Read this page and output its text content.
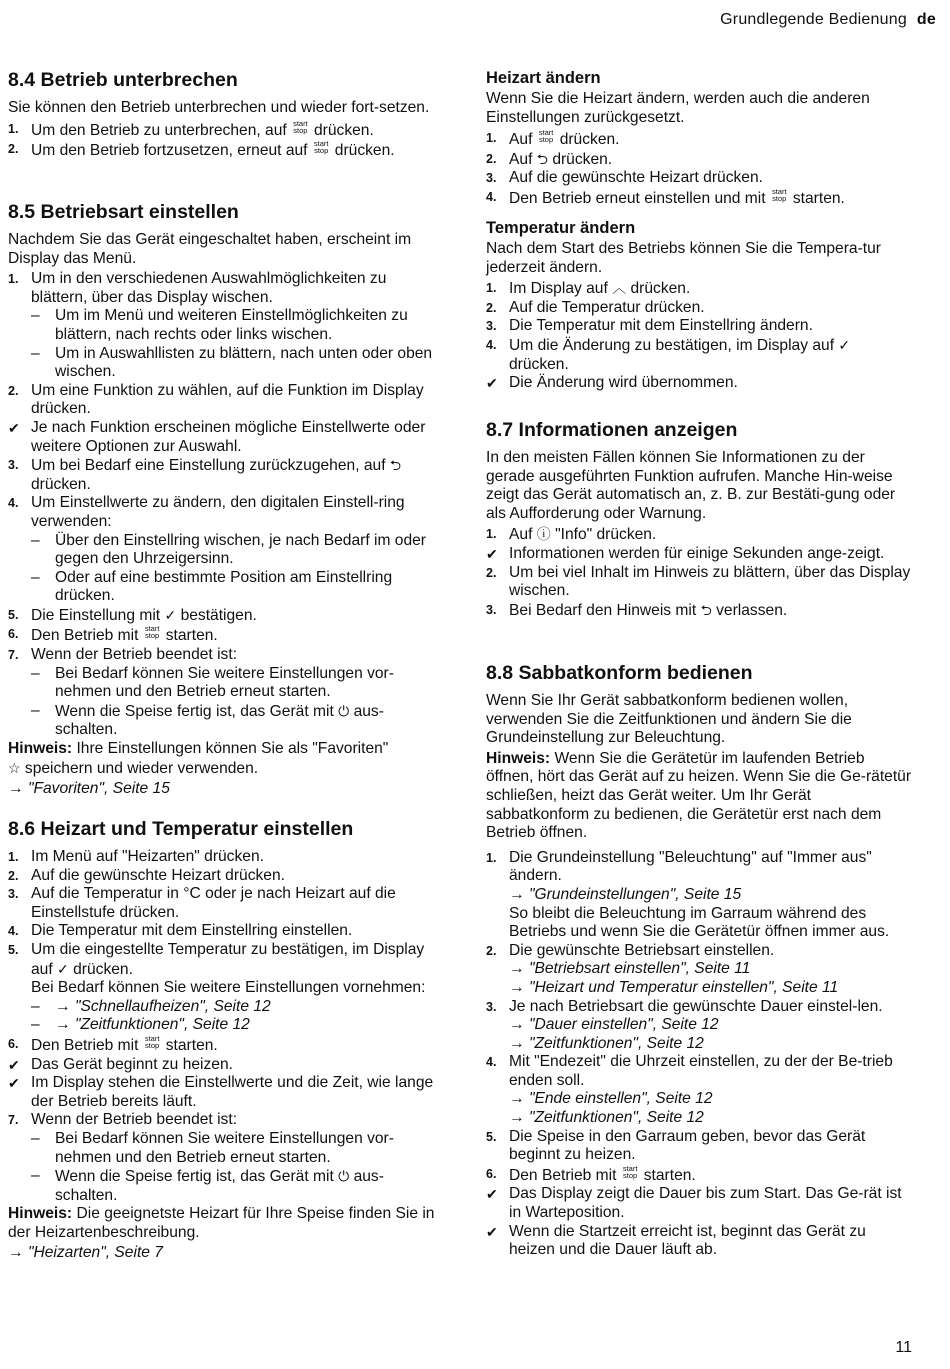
Grundlegende Bedienung de
8.4 Betrieb unterbrechen

Sie können den Betrieb unterbrechen und wieder fort-setzen.

1. Um den Betrieb zu unterbrechen, auf start
stop drücken.
2. Um den Betrieb fortzusetzen, erneut auf start
stop drücken.
8.5 Betriebsart einstellen

Nachdem Sie das Gerät eingeschaltet haben, erscheint im Display das Menü.

1. Um in den verschiedenen Auswahlmöglichkeiten zu blättern, über das Display wischen.
– Um im Menü und weiteren Einstellmöglichkeiten zu blättern, nach rechts oder links wischen.
– Um in Auswahllisten zu blättern, nach unten oder oben wischen.
2. Um eine Funktion zu wählen, auf die Funktion im Display drücken.
✔ Je nach Funktion erscheinen mögliche Einstellwerte oder weitere Optionen zur Auswahl.
3. Um bei Bedarf eine Einstellung zurückzugehen, auf ⮌ drücken.
4. Um Einstellwerte zu ändern, den digitalen Einstell-ring verwenden:
– Über den Einstellring wischen, je nach Bedarf im oder gegen den Uhrzeigersinn.
– Oder auf eine bestimmte Position am Einstellring drücken.
5. Die Einstellung mit ✓ bestätigen.
6. Den Betrieb mit start
stop starten.
7. Wenn der Betrieb beendet ist:
– Bei Bedarf können Sie weitere Einstellungen vor-nehmen und den Betrieb erneut starten.
– Wenn die Speise fertig ist, das Gerät mit ⏻ aus-schalten.

Hinweis: Ihre Einstellungen können Sie als "Favoriten"
☆ speichern und wieder verwenden.

→ "Favoriten", Seite 15

8.6 Heizart und Temperatur einstellen
1. Im Menü auf "Heizarten" drücken.
2. Auf die gewünschte Heizart drücken.
3. Auf die Temperatur in °C oder je nach Heizart auf die Einstellstufe drücken.
4. Die Temperatur mit dem Einstellring einstellen.
5. Um die eingestellte Temperatur zu bestätigen, im Display auf ✓ drücken.
Bei Bedarf können Sie weitere Einstellungen vornehmen:
– → "Schnellaufheizen", Seite 12
– → "Zeitfunktionen", Seite 12
6. Den Betrieb mit start
stop starten.
✔ Das Gerät beginnt zu heizen.
✔ Im Display stehen die Einstellwerte und die Zeit, wie lange der Betrieb bereits läuft.
7. Wenn der Betrieb beendet ist:
– Bei Bedarf können Sie weitere Einstellungen vor-nehmen und den Betrieb erneut starten.
– Wenn die Speise fertig ist, das Gerät mit ⏻ aus-schalten.

Hinweis: Die geeignetste Heizart für Ihre Speise finden Sie in der Heizartenbeschreibung.

→ "Heizarten", Seite 7

Heizart ändern

Wenn Sie die Heizart ändern, werden auch die anderen Einstellungen zurückgesetzt.

1. Auf start
stop drücken.
2. Auf ⮌ drücken.
3. Auf die gewünschte Heizart drücken.
4. Den Betrieb erneut einstellen und mit start
stop starten.
Temperatur ändern

Nach dem Start des Betriebs können Sie die Tempera-tur jederzeit ändern.

1. Im Display auf ︿ drücken.
2. Auf die Temperatur drücken.
3. Die Temperatur mit dem Einstellring ändern.
4. Um die Änderung zu bestätigen, im Display auf ✓ drücken.
✔ Die Änderung wird übernommen.
8.7 Informationen anzeigen

In den meisten Fällen können Sie Informationen zu der gerade ausgeführten Funktion aufrufen. Manche Hin-weise zeigt das Gerät automatisch an, z. B. zur Bestäti-gung oder als Aufforderung oder Warnung.

1. Auf ⓘ "Info" drücken.
✔ Informationen werden für einige Sekunden ange-zeigt.
2. Um bei viel Inhalt im Hinweis zu blättern, über das Display wischen.
3. Bei Bedarf den Hinweis mit ⮌ verlassen.
8.8 Sabbatkonform bedienen

Wenn Sie Ihr Gerät sabbatkonform bedienen wollen, verwenden Sie die Zeitfunktionen und ändern Sie die Grundeinstellung zur Beleuchtung.

Hinweis: Wenn Sie die Gerätetür im laufenden Betrieb öffnen, hört das Gerät auf zu heizen. Wenn Sie die Ge-rätetür schließen, heizt das Gerät weiter. Um Ihr Gerät sabbatkonform zu bedienen, die Gerätetür erst nach dem Betrieb öffnen.

1. Die Grundeinstellung "Beleuchtung" auf "Immer aus" ändern.
→ "Grundeinstellungen", Seite 15
So bleibt die Beleuchtung im Garraum während des Betriebs und wenn Sie die Gerätetür öffnen immer aus.
2. Die gewünschte Betriebsart einstellen.
→ "Betriebsart einstellen", Seite 11
→ "Heizart und Temperatur einstellen", Seite 11
3. Je nach Betriebsart die gewünschte Dauer einstel-len.
→ "Dauer einstellen", Seite 12
→ "Zeitfunktionen", Seite 12
4. Mit "Endezeit" die Uhrzeit einstellen, zu der der Be-trieb enden soll.
→ "Ende einstellen", Seite 12
→ "Zeitfunktionen", Seite 12
5. Die Speise in den Garraum geben, bevor das Gerät beginnt zu heizen.
6. Den Betrieb mit start
stop starten.
✔ Das Display zeigt die Dauer bis zum Start. Das Ge-rät ist in Warteposition.
✔ Wenn die Startzeit erreicht ist, beginnt das Gerät zu heizen und die Dauer läuft ab.
11
